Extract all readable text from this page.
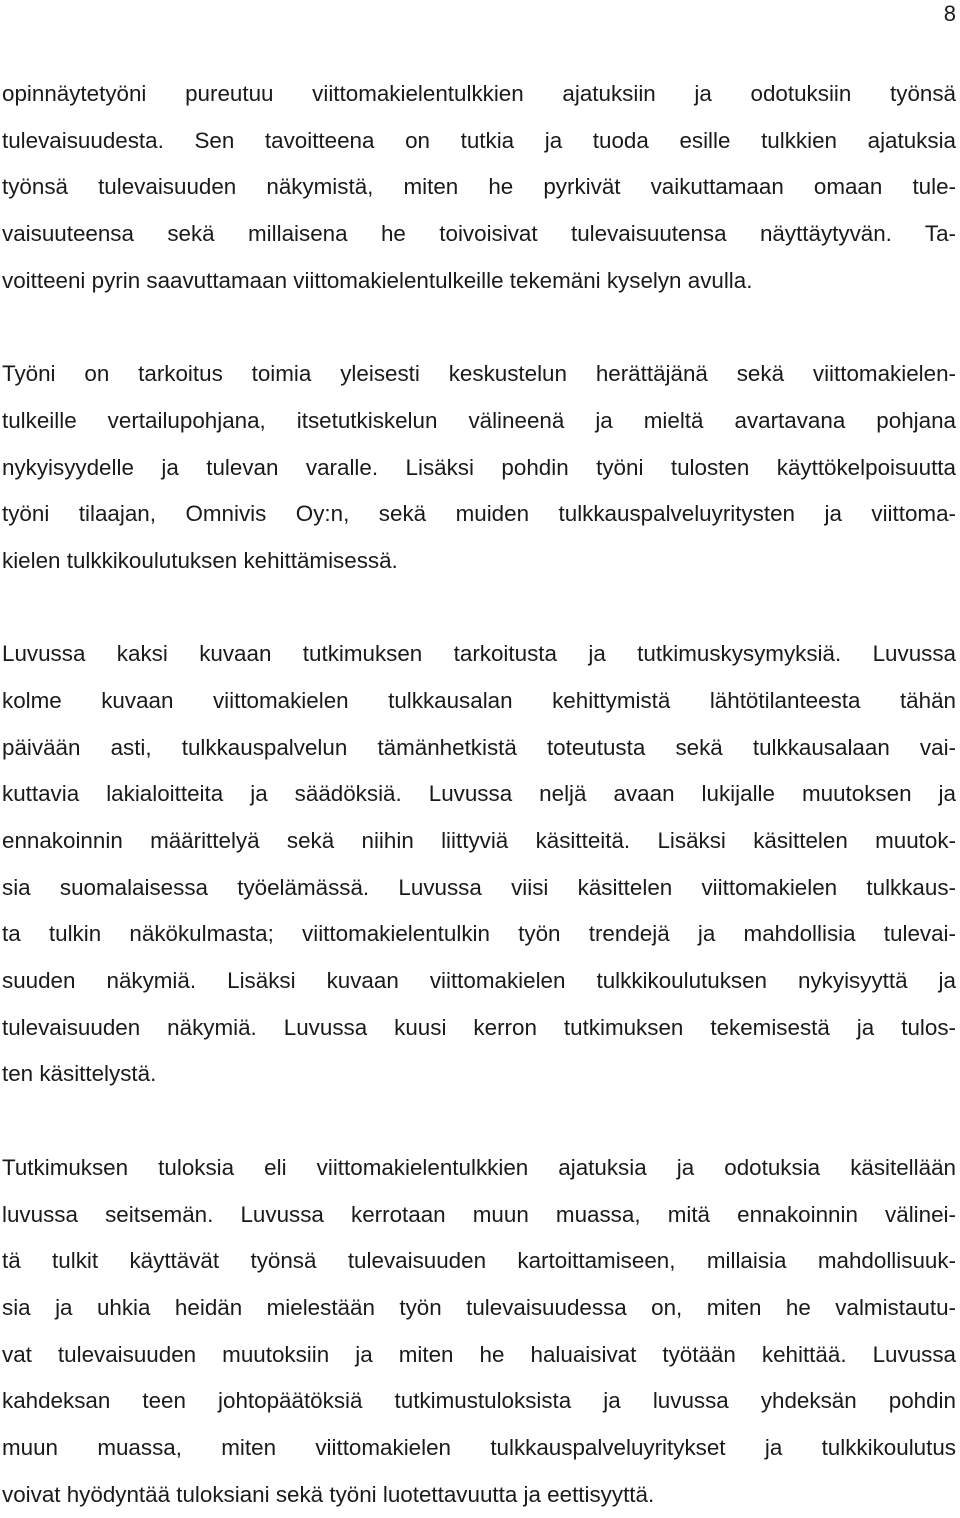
8

opinnäytetyöni pureutuu viittomakielentulkkien ajatuksiin ja odotuksiin työnsä
tulevaisuudesta. Sen tavoitteena on tutkia ja tuoda esille tulkkien ajatuksia
työnsä tulevaisuuden näkymistä, miten he pyrkivät vaikuttamaan omaan tule-
vaisuuteensa sekä millaisena he toivoisivat tulevaisuutensa näyttäytyvän. Ta-
voitteeni pyrin saavuttamaan viittomakielentulkeille tekemäni kyselyn avulla.

Työni on tarkoitus toimia yleisesti keskustelun herättäjänä sekä viittomakielen-
tulkeille vertailupohjana, itsetutkiskelun välineenä ja mieltä avartavana pohjana
nykyisyydelle ja tulevan varalle. Lisäksi pohdin työni tulosten käyttökelpoisuutta
työni tilaajan, Omnivis Oy:n, sekä muiden tulkkauspalveluyritysten ja viittoma-
kielen tulkkikoulutuksen kehittämisessä.

Luvussa kaksi kuvaan tutkimuksen tarkoitusta ja tutkimuskysymyksiä. Luvussa
kolme kuvaan viittomakielen tulkkausalan kehittymistä lähtötilanteesta tähän
päivään asti, tulkkauspalvelun tämänhetkistä toteutusta sekä tulkkausalaan vai-
kuttavia lakialoitteita ja säädöksiä. Luvussa neljä avaan lukijalle muutoksen ja
ennakoinnin määrittelyä sekä niihin liittyviä käsitteitä. Lisäksi käsittelen muutok-
sia suomalaisessa työelämässä. Luvussa viisi käsittelen viittomakielen tulkkaus-
ta tulkin näkökulmasta; viittomakielentulkin työn trendejä ja mahdollisia tulevai-
suuden näkymiä. Lisäksi kuvaan viittomakielen tulkkikoulutuksen nykyisyyttä ja
tulevaisuuden näkymiä. Luvussa kuusi kerron tutkimuksen tekemisestä ja tulos-
ten käsittelystä.

Tutkimuksen tuloksia eli viittomakielentulkkien ajatuksia ja odotuksia käsitellään
luvussa seitsemän. Luvussa kerrotaan muun muassa, mitä ennakoinnin välinei-
tä tulkit käyttävät työnsä tulevaisuuden kartoittamiseen, millaisia mahdollisuuk-
sia ja uhkia heidän mielestään työn tulevaisuudessa on, miten he valmistautu-
vat tulevaisuuden muutoksiin ja miten he haluaisivat työtään kehittää. Luvussa
kahdeksan teen johtopäätöksiä tutkimustuloksista ja luvussa yhdeksän pohdin
muun muassa, miten viittomakielen tulkkauspalveluyritykset ja tulkkikoulutus
voivat hyödyntää tuloksiani sekä työni luotettavuutta ja eettisyyttä.
